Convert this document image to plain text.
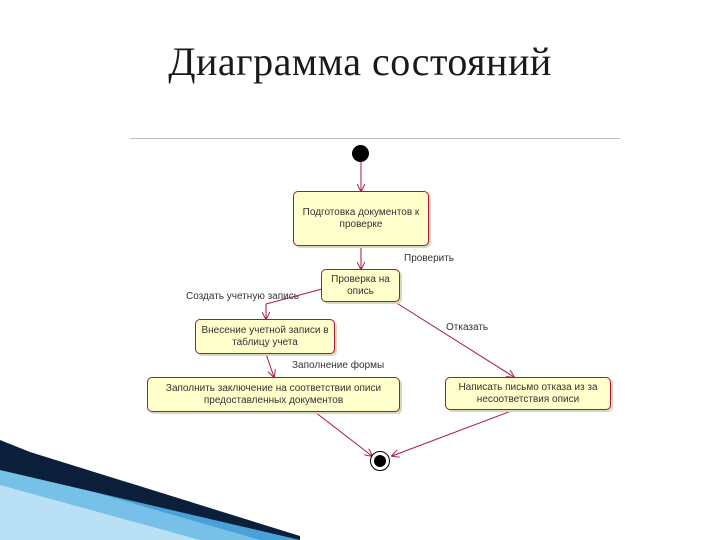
Диаграмма состояний
Подготовка документов к проверке
Проверить
Проверка на опись
Создать учетную запись
Отказать
Внесение учетной записи в таблицу учета
Заполнение формы
Заполнить заключение на соответствии описи предоставленных документов
Написать письмо отказа из за несоответствия описи
